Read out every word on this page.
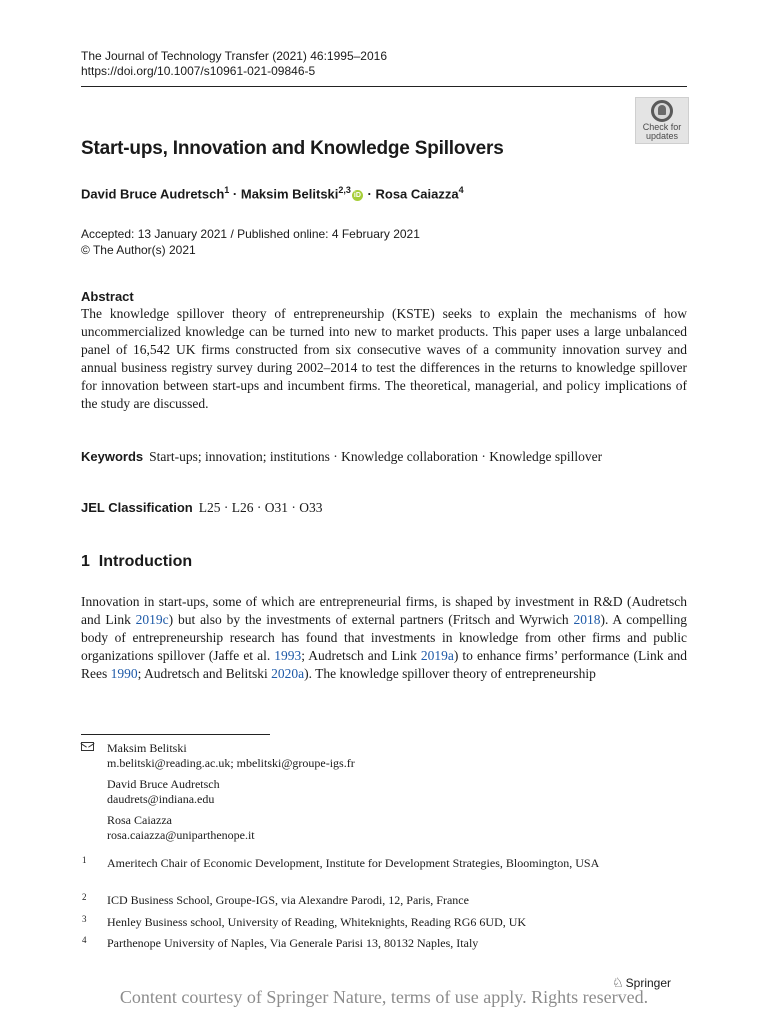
The Journal of Technology Transfer (2021) 46:1995–2016
https://doi.org/10.1007/s10961-021-09846-5
Check for
updates
Start-ups, Innovation and Knowledge Spillovers
David Bruce Audretsch$^1$ · Maksim Belitski$^{2,3}$iD · Rosa Caiazza$^4$
Accepted: 13 January 2021 / Published online: 4 February 2021
© The Author(s) 2021
Abstract
The knowledge spillover theory of entrepreneurship (KSTE) seeks to explain the mechanisms of how uncommercialized knowledge can be turned into new to market products. This paper uses a large unbalanced panel of 16,542 UK firms constructed from six consecutive waves of a community innovation survey and annual business registry survey during 2002–2014 to test the differences in the returns to knowledge spillover for innovation between start-ups and incumbent firms. The theoretical, managerial, and policy implications of the study are discussed.
Keywords Start-ups; innovation; institutions · Knowledge collaboration · Knowledge spillover
JEL Classification L25 · L26 · O31 · O33
1 Introduction
Innovation in start-ups, some of which are entrepreneurial firms, is shaped by investment in R&D (Audretsch and Link 2019c) but also by the investments of external partners (Fritsch and Wyrwich 2018). A compelling body of entrepreneurship research has found that investments in knowledge from other firms and public organizations spillover (Jaffe et al. 1993; Audretsch and Link 2019a) to enhance firms’ performance (Link and Rees 1990; Audretsch and Belitski 2020a). The knowledge spillover theory of entrepreneurship
Maksim Belitski
m.belitski@reading.ac.uk; mbelitski@groupe-igs.fr
David Bruce Audretsch
daudrets@indiana.edu
Rosa Caiazza
rosa.caiazza@uniparthenope.it
1 Ameritech Chair of Economic Development, Institute for Development Strategies, Bloomington, USA
2 ICD Business School, Groupe-IGS, via Alexandre Parodi, 12, Paris, France
3 Henley Business school, University of Reading, Whiteknights, Reading RG6 6UD, UK
4 Parthenope University of Naples, Via Generale Parisi 13, 80132 Naples, Italy
♘ Springer
Content courtesy of Springer Nature, terms of use apply. Rights reserved.
